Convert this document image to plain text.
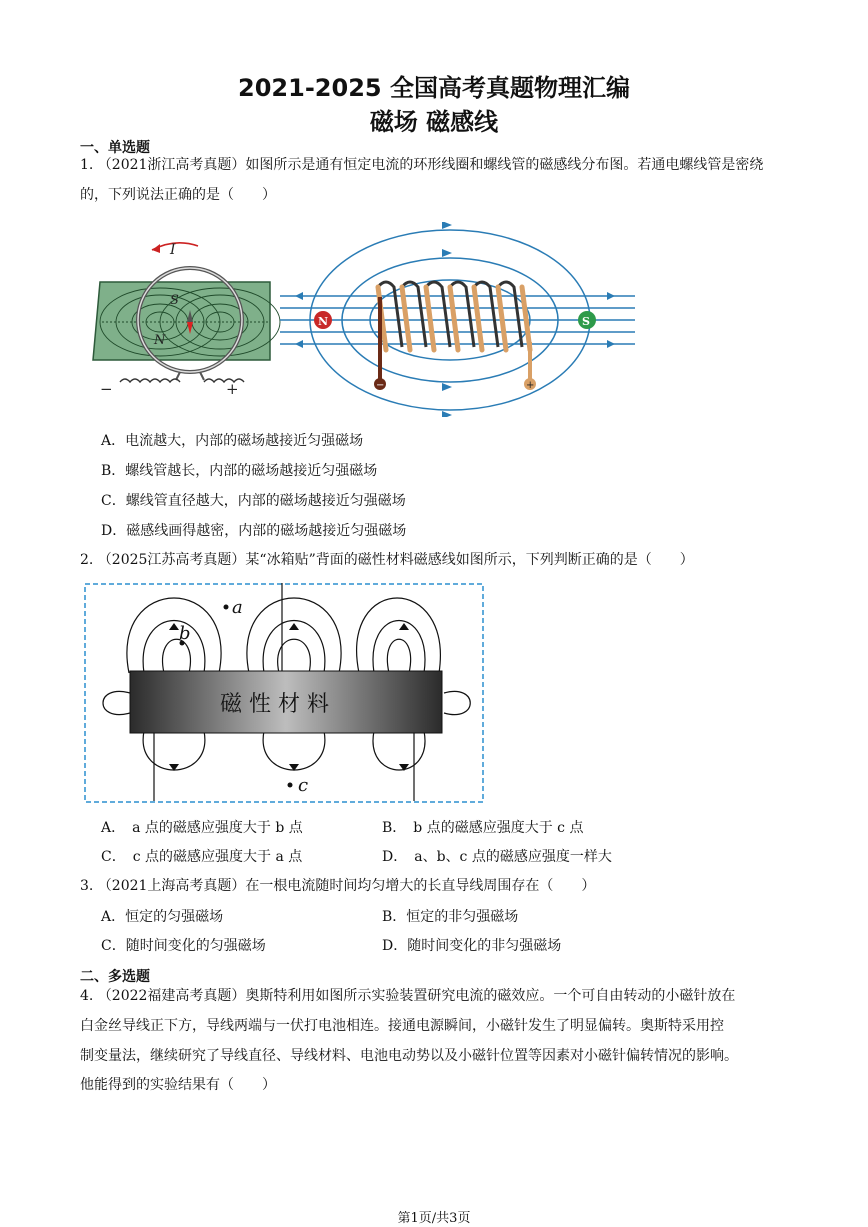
2021-2025 全国高考真题物理汇编
磁场 磁感线
一、单选题
1. （2021浙江高考真题）如图所示是通有恒定电流的环形线圈和螺线管的磁感线分布图。若通电螺线管是密绕的，下列说法正确的是（　　）
I
S
N
−	+	−	+
N	S
A．电流越大，内部的磁场越接近匀强磁场
B．螺线管越长，内部的磁场越接近匀强磁场
C．螺线管直径越大，内部的磁场越接近匀强磁场
D．磁感线画得越密，内部的磁场越接近匀强磁场
2. （2025江苏高考真题）某“冰箱贴”背面的磁性材料磁感线如图所示，下列判断正确的是（　　）
磁 性 材 料
a
b
c
A．　a 点的磁感应强度大于 b 点	B．　b 点的磁感应强度大于 c 点
C．　c 点的磁感应强度大于 a 点	D．　a、b、c 点的磁感应强度一样大
3. （2021上海高考真题）在一根电流随时间均匀增大的长直导线周围存在（　　）
A．恒定的匀强磁场	B．恒定的非匀强磁场
C．随时间变化的匀强磁场	D．随时间变化的非匀强磁场
二、多选题
4. （2022福建高考真题）奥斯特利用如图所示实验装置研究电流的磁效应。一个可自由转动的小磁针放在
白金丝导线正下方，导线两端与一伏打电池相连。接通电源瞬间，小磁针发生了明显偏转。奥斯特采用控
制变量法，继续研究了导线直径、导线材料、电池电动势以及小磁针位置等因素对小磁针偏转情况的影响。
他能得到的实验结果有（　　）
第1页/共3页
